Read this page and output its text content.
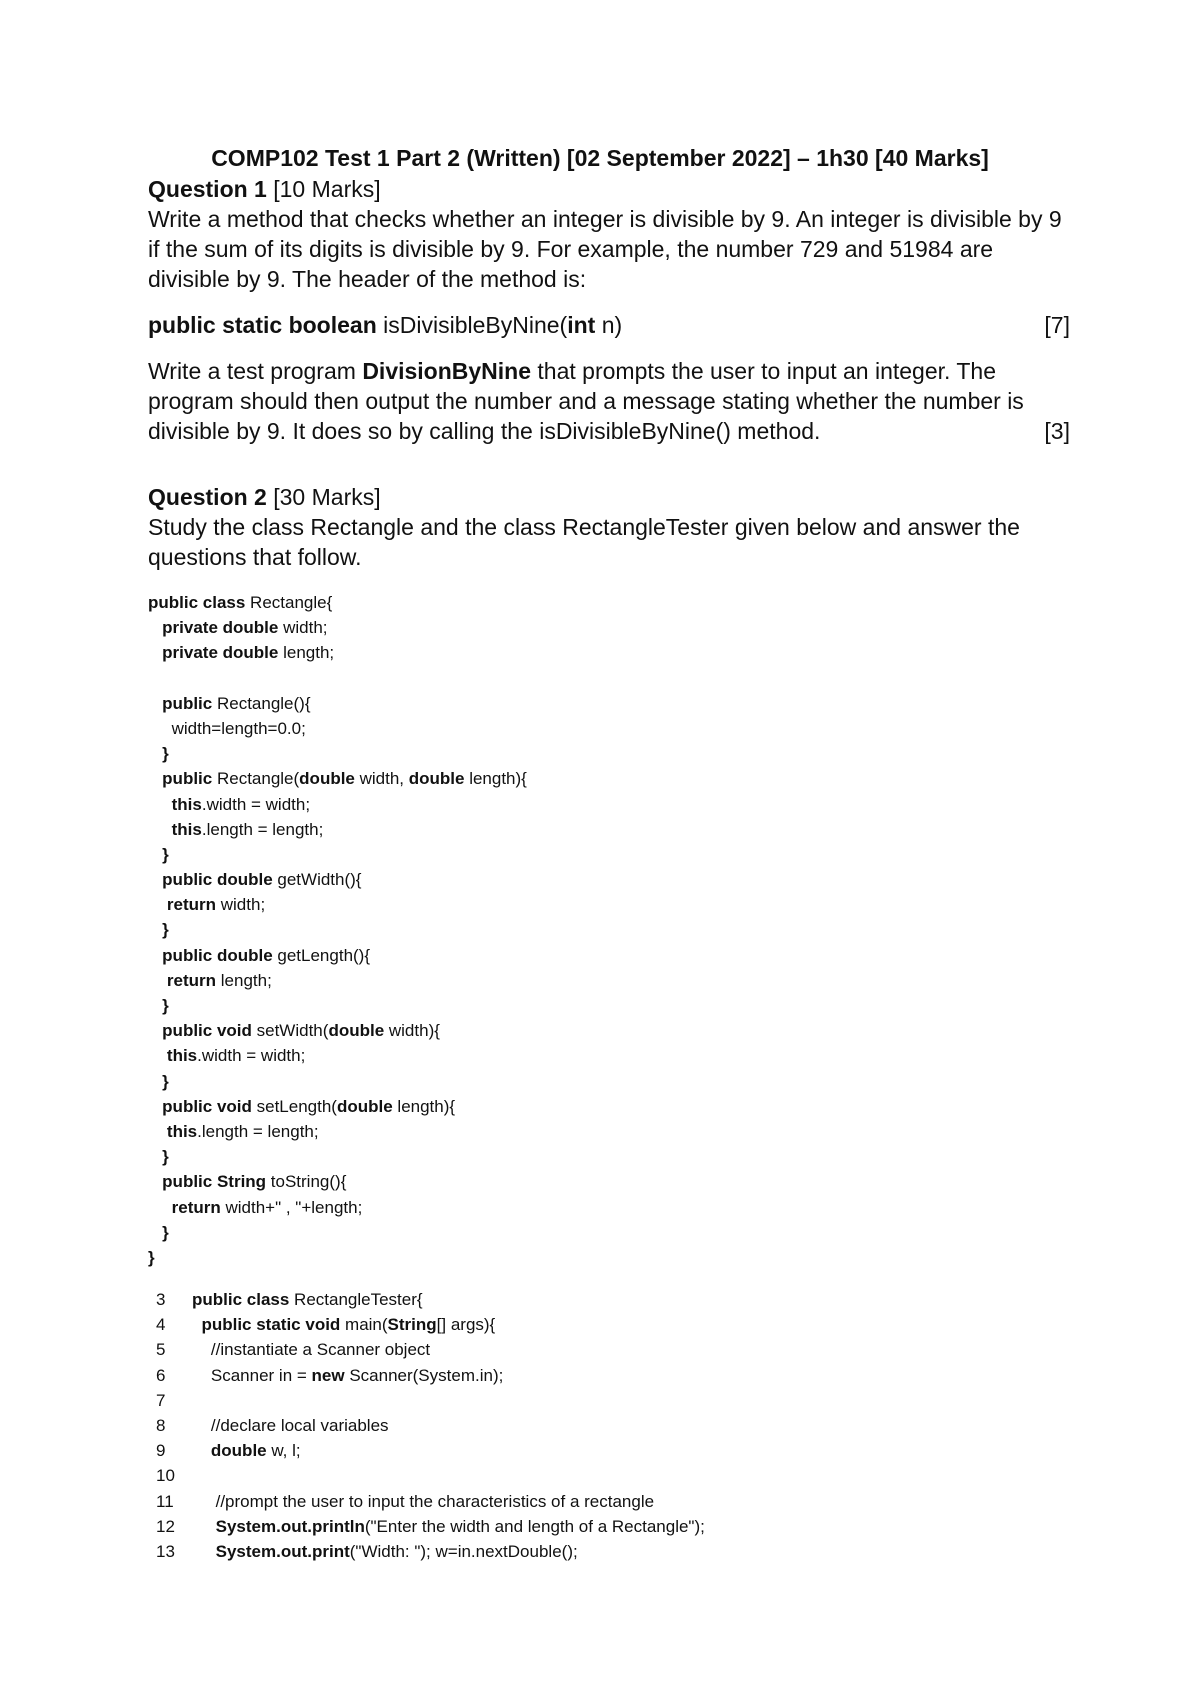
COMP102 Test 1 Part 2 (Written) [02 September 2022] – 1h30 [40 Marks]

Question 1 [10 Marks]

Write a method that checks whether an integer is divisible by 9. An integer is divisible by 9 if the sum of its digits is divisible by 9. For example, the number 729 and 51984 are divisible by 9. The header of the method is:

public static boolean isDivisibleByNine(int n)	[7]

Write a test program DivisionByNine that prompts the user to input an integer. The program should then output the number and a message stating whether the number is divisible by 9. It does so by calling the isDivisibleByNine() method.	[3]

Question 2 [30 Marks]

Study the class Rectangle and the class RectangleTester given below and answer the questions that follow.

public class Rectangle{
private double width;
private double length;
public Rectangle(){
width=length=0.0;
}
public Rectangle(double width, double length){
this.width = width;
this.length = length;
}
public double getWidth(){
return width;
}
public double getLength(){
return length;
}
public void setWidth(double width){
this.width = width;
}
public void setLength(double length){
this.length = length;
}
public String toString(){
return width+" , "+length;
}
}
3	public class RectangleTester{
4	public static void main(String[] args){
5	//instantiate a Scanner object
6	Scanner in = new Scanner(System.in);
7
8	//declare local variables
9	double w, l;
10
11	//prompt the user to input the characteristics of a rectangle
12	System.out.println("Enter the width and length of a Rectangle");
13	System.out.print("Width: "); w=in.nextDouble();
